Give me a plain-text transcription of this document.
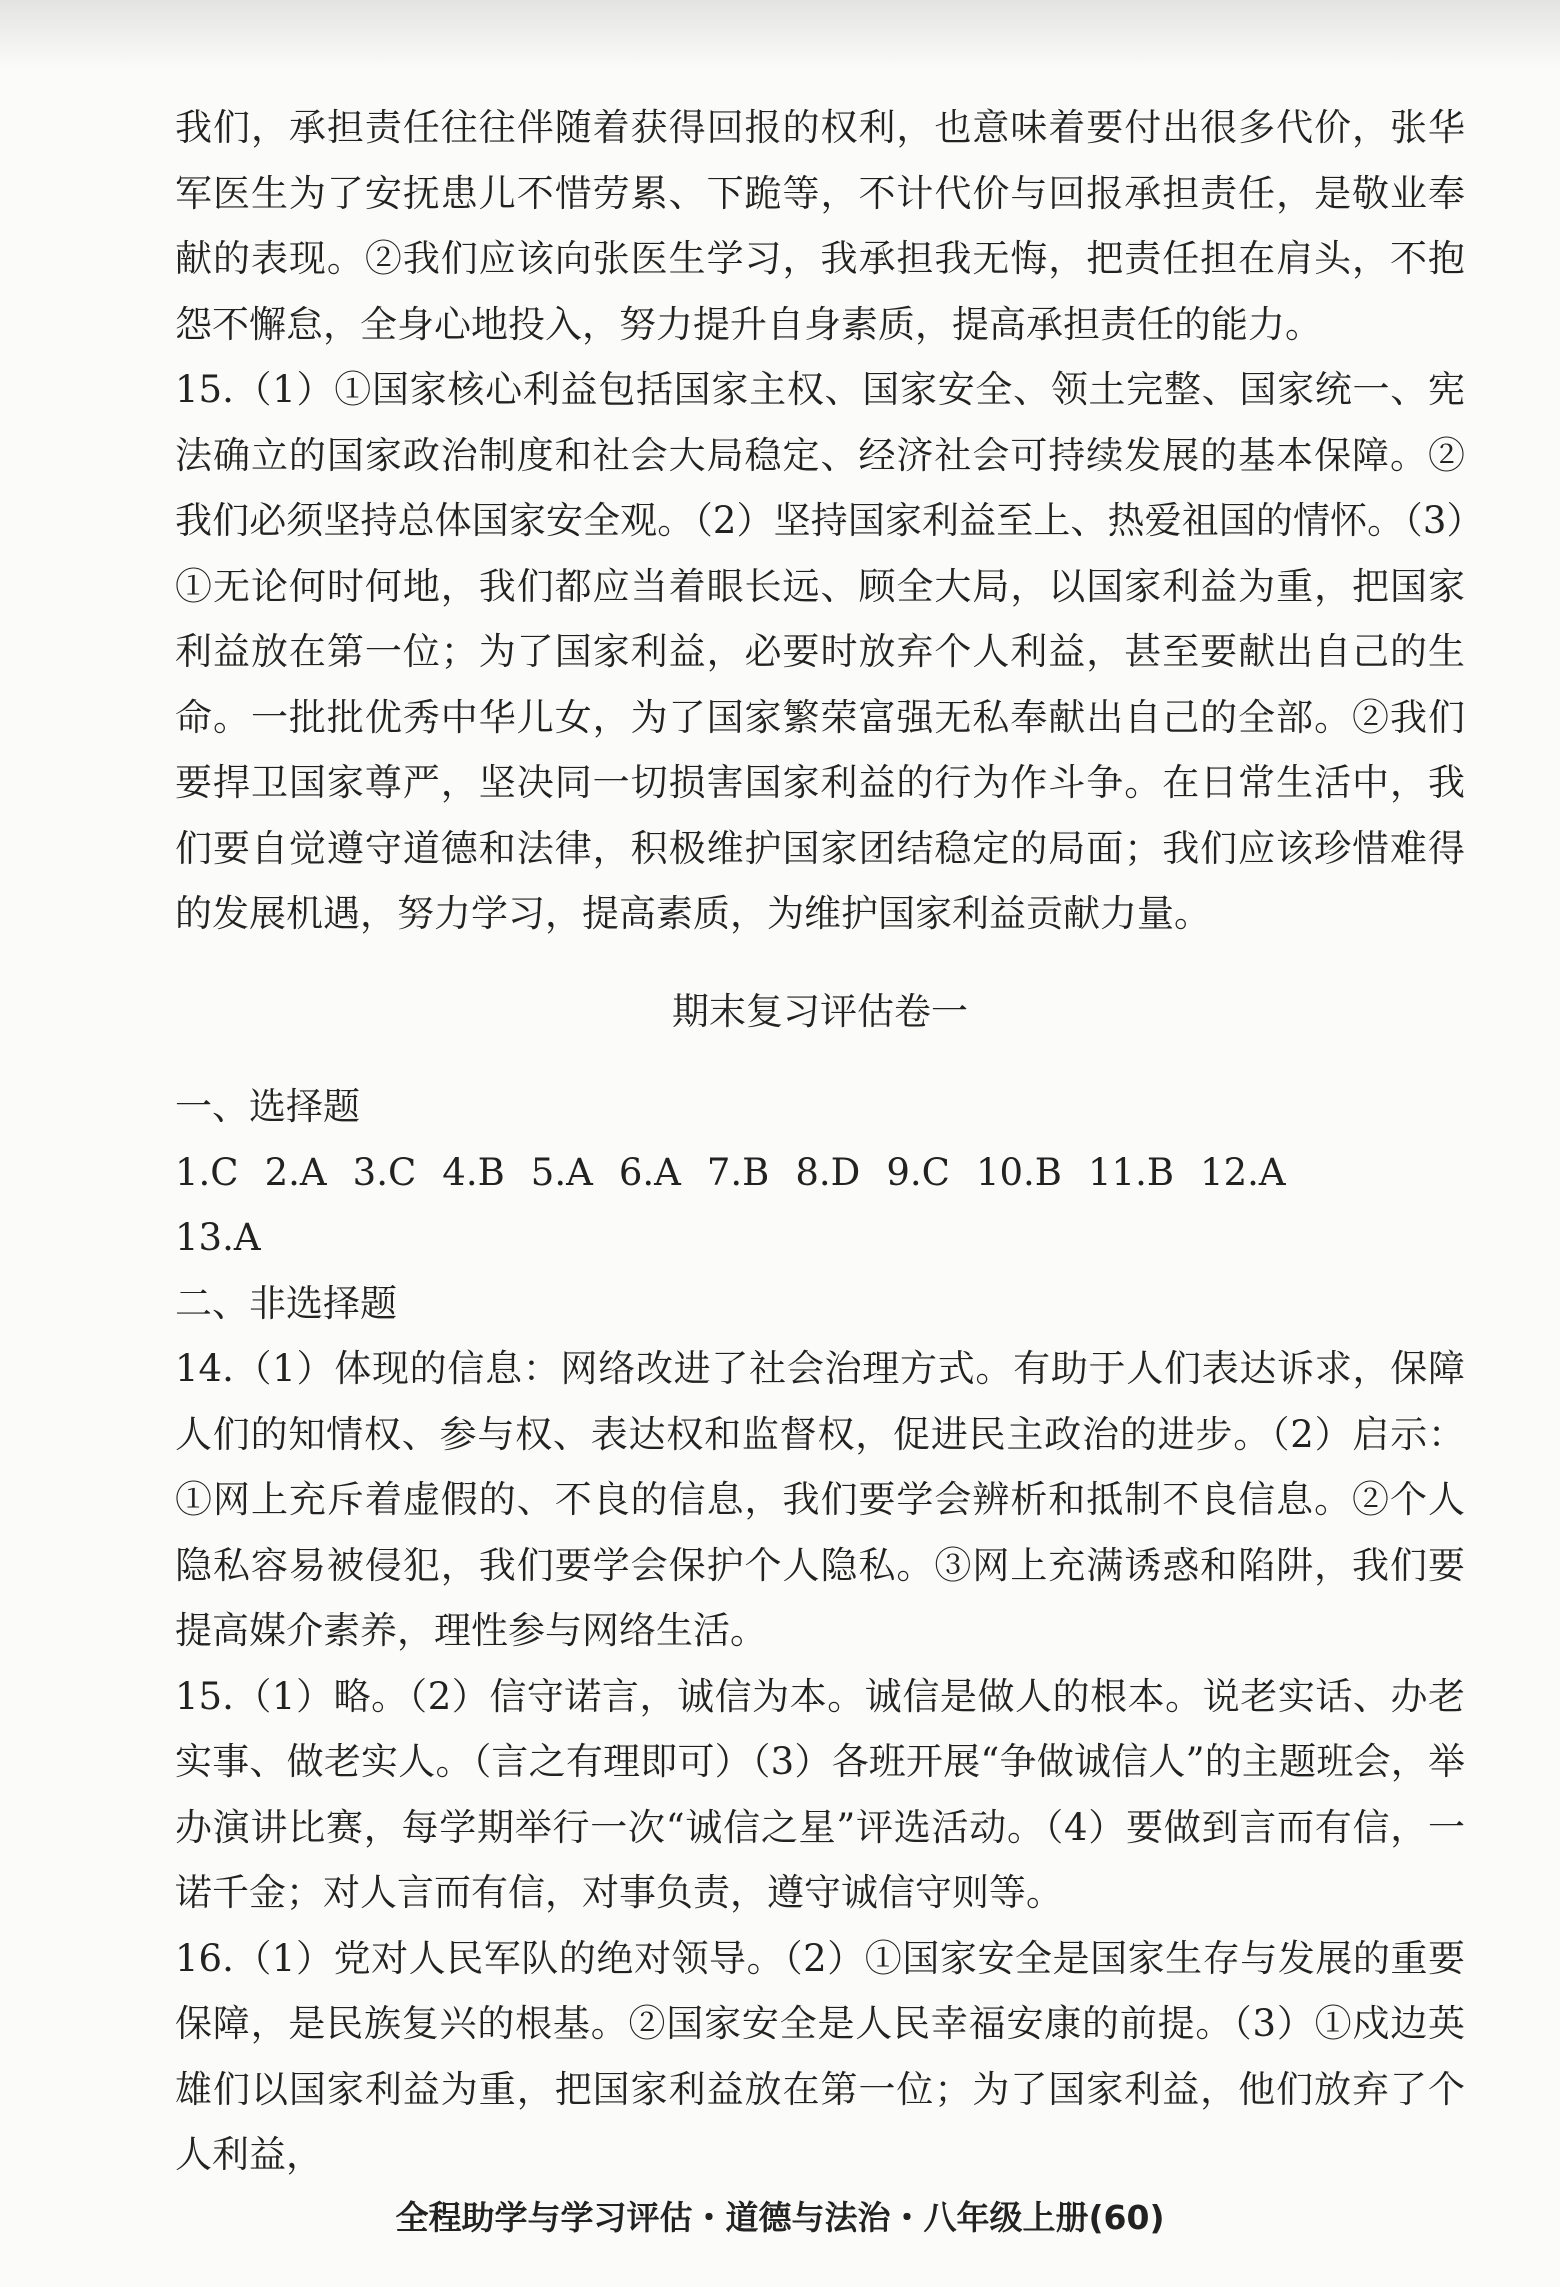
我们，承担责任往往伴随着获得回报的权利，也意味着要付出很多代价，张华军医生为了安抚患儿不惜劳累、下跪等，不计代价与回报承担责任，是敬业奉献的表现。②我们应该向张医生学习，我承担我无悔，把责任担在肩头，不抱怨不懈怠，全身心地投入，努力提升自身素质，提高承担责任的能力。

15.（1）①国家核心利益包括国家主权、国家安全、领土完整、国家统一、宪法确立的国家政治制度和社会大局稳定、经济社会可持续发展的基本保障。②我们必须坚持总体国家安全观。（2）坚持国家利益至上、热爱祖国的情怀。（3）①无论何时何地，我们都应当着眼长远、顾全大局，以国家利益为重，把国家利益放在第一位；为了国家利益，必要时放弃个人利益，甚至要献出自己的生命。一批批优秀中华儿女，为了国家繁荣富强无私奉献出自己的全部。②我们要捍卫国家尊严，坚决同一切损害国家利益的行为作斗争。在日常生活中，我们要自觉遵守道德和法律，积极维护国家团结稳定的局面；我们应该珍惜难得的发展机遇，努力学习，提高素质，为维护国家利益贡献力量。

期末复习评估卷一

一、选择题

1.C 2.A 3.C 4.B 5.A 6.A 7.B 8.D 9.C 10.B 11.B 12.A

13.A

二、非选择题

14.（1）体现的信息：网络改进了社会治理方式。有助于人们表达诉求，保障人们的知情权、参与权、表达权和监督权，促进民主政治的进步。（2）启示：①网上充斥着虚假的、不良的信息，我们要学会辨析和抵制不良信息。②个人隐私容易被侵犯，我们要学会保护个人隐私。③网上充满诱惑和陷阱，我们要提高媒介素养，理性参与网络生活。

15.（1）略。（2）信守诺言，诚信为本。诚信是做人的根本。说老实话、办老实事、做老实人。（言之有理即可）（3）各班开展“争做诚信人”的主题班会，举办演讲比赛，每学期举行一次“诚信之星”评选活动。（4）要做到言而有信，一诺千金；对人言而有信，对事负责，遵守诚信守则等。

16.（1）党对人民军队的绝对领导。（2）①国家安全是国家生存与发展的重要保障，是民族复兴的根基。②国家安全是人民幸福安康的前提。（3）①戍边英雄们以国家利益为重，把国家利益放在第一位；为了国家利益，他们放弃了个人利益，

全程助学与学习评估・道德与法治・八年级上册(60)
